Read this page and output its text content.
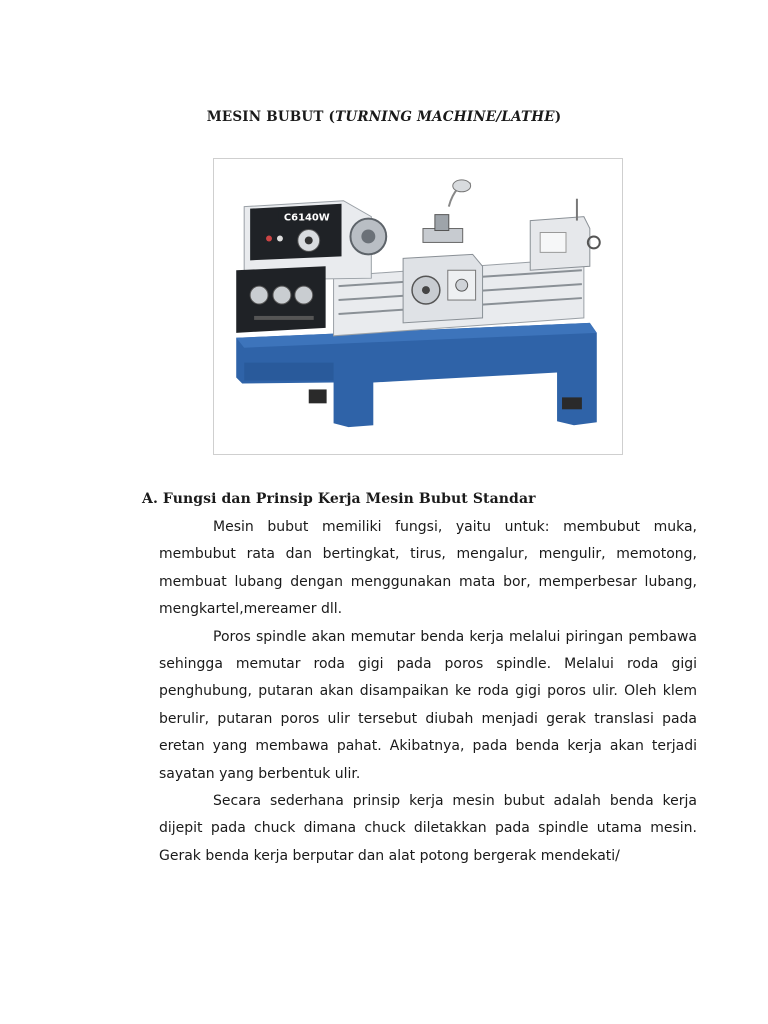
MESIN BUBUT (TURNING MACHINE/LATHE)
C6140W
A. Fungsi dan Prinsip Kerja Mesin Bubut Standar

Mesin bubut memiliki fungsi, yaitu untuk: membubut muka, membubut rata dan bertingkat, tirus, mengalur, mengulir, memotong, membuat lubang dengan menggunakan mata bor, memperbesar lubang, mengkartel,mereamer dll.

Poros spindle akan memutar benda kerja melalui piringan pembawa sehingga memutar roda gigi pada poros spindle. Melalui roda gigi penghubung, putaran akan disampaikan ke roda gigi poros ulir. Oleh klem berulir, putaran poros ulir tersebut diubah menjadi gerak translasi pada eretan yang membawa pahat. Akibatnya, pada benda kerja akan terjadi sayatan yang berbentuk ulir.

Secara sederhana prinsip kerja mesin bubut adalah benda kerja dijepit pada chuck dimana chuck diletakkan pada spindle utama mesin. Gerak benda kerja berputar dan alat potong bergerak mendekati/
